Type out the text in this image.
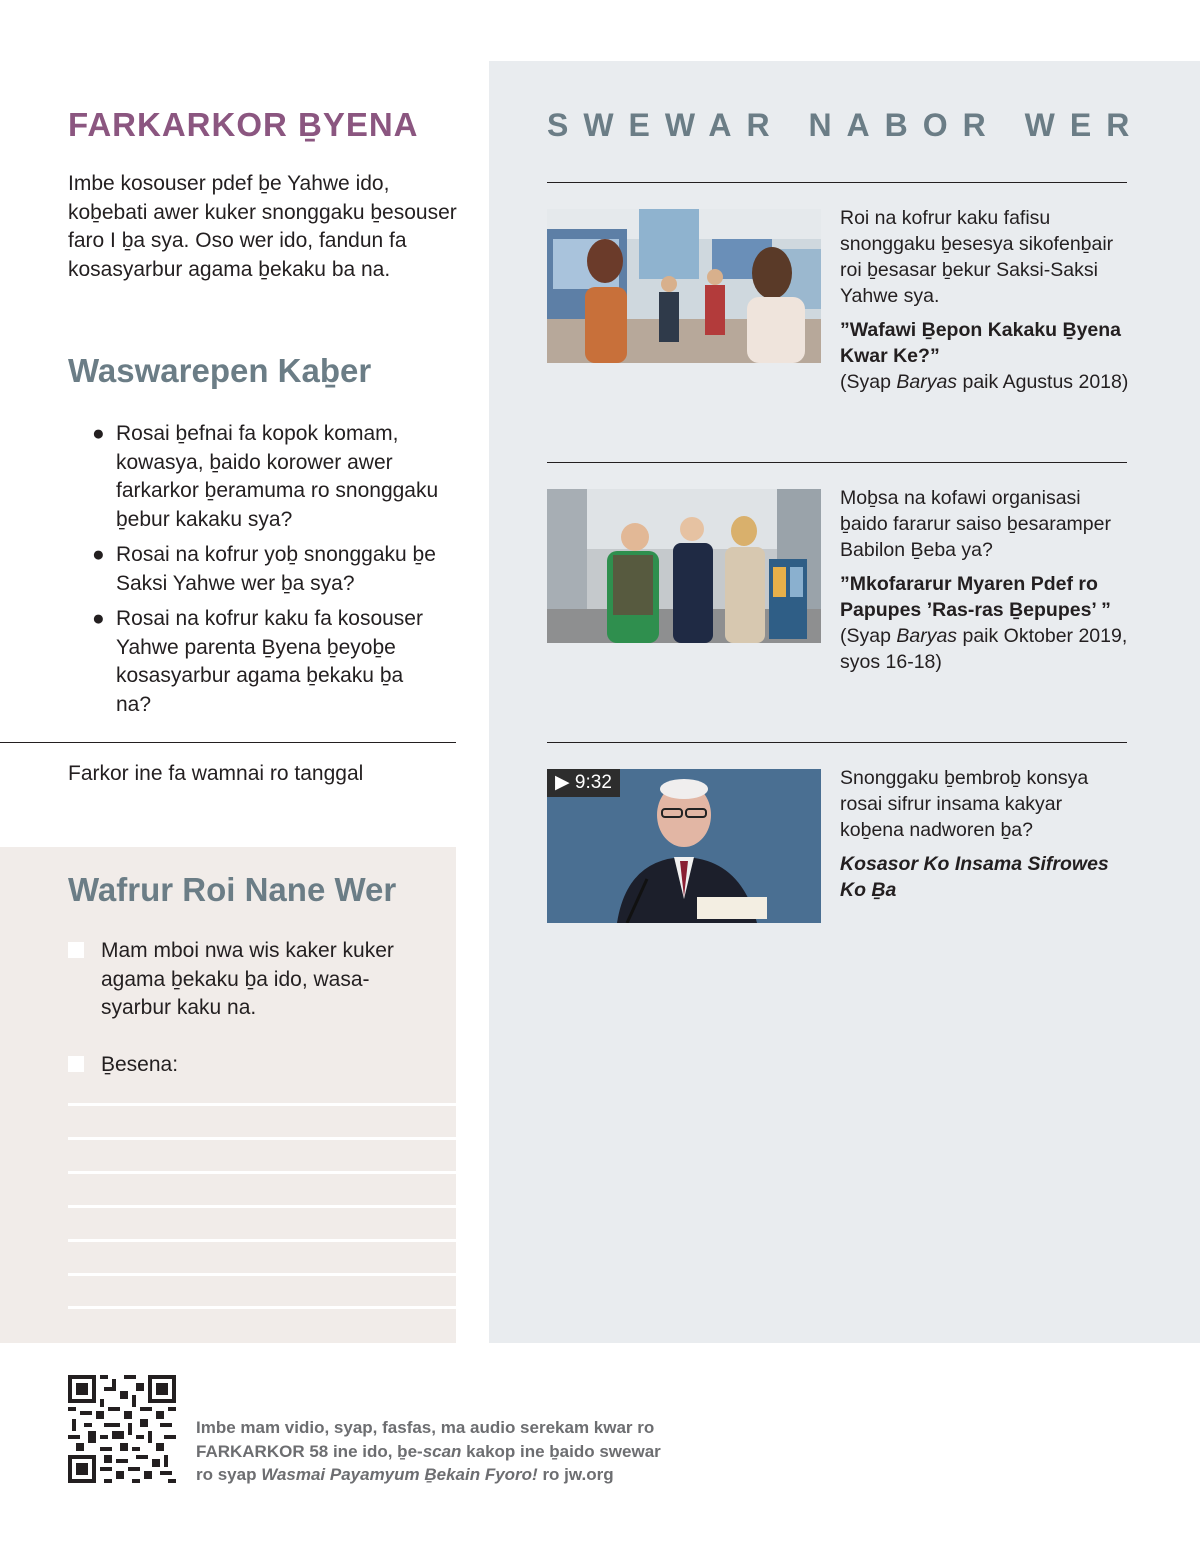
FARKARKOR ḆYENA

Imbe kosouser pdef ḇe Yahwe ido, koḇebati awer kuker snonggaku ḇesouser faro I ḇa sya. Oso wer ido, fandun fa kosasyarbur agama ḇekaku ba na.

Waswarepen Kaḇer
● Rosai ḇefnai fa kopok komam, kowasya, ḇaido korower awer farkarkor ḇeramuma ro snonggaku ḇebur kakaku sya?
● Rosai na kofrur yoḇ snonggaku ḇe Saksi Yahwe wer ḇa sya?
● Rosai na kofrur kaku fa kosouser Yahwe parenta Ḇyena ḇeyoḇe kosasyarbur agama ḇekaku ḇa na?

Farkor ine fa wamnai ro tanggal

Wafrur Roi Nane Wer
Mam mboi nwa wis kaker kuker agama ḇekaku ḇa ido, wasasyarbur kaku na.
Ḇesena:
SWEWAR NABOR WER
Roi na kofrur kaku fafisu snonggaku ḇesesya sikofenḇair roi ḇesasar ḇekur Saksi-Saksi Yahwe sya.
”Wafawi Ḇepon Kakaku Ḇyena Kwar Ke?”
(Syap Baryas paik Agustus 2018)
Moḇsa na kofawi organisasi ḇaido fararur saiso ḇesaramper Babilon Ḇeba ya?
”Mkofararur Myaren Pdef ro Papupes ’Ras-ras Ḇepupes’ ”
(Syap Baryas paik Oktober 2019, syos 16-18)
▶ 9:32	Snonggaku ḇembroḇ konsya rosai sifrur insama kakyar koḇena nadworen ḇa?
Kosasor Ko Insama Sifrowes Ko Ḇa
Imbe mam vidio, syap, fasfas, ma audio serekam kwar ro
FARKARKOR 58 ine ido, ḇe-scan kakop ine ḇaido swewar
ro syap Wasmai Payamyum Ḇekain Fyoro! ro jw.org
